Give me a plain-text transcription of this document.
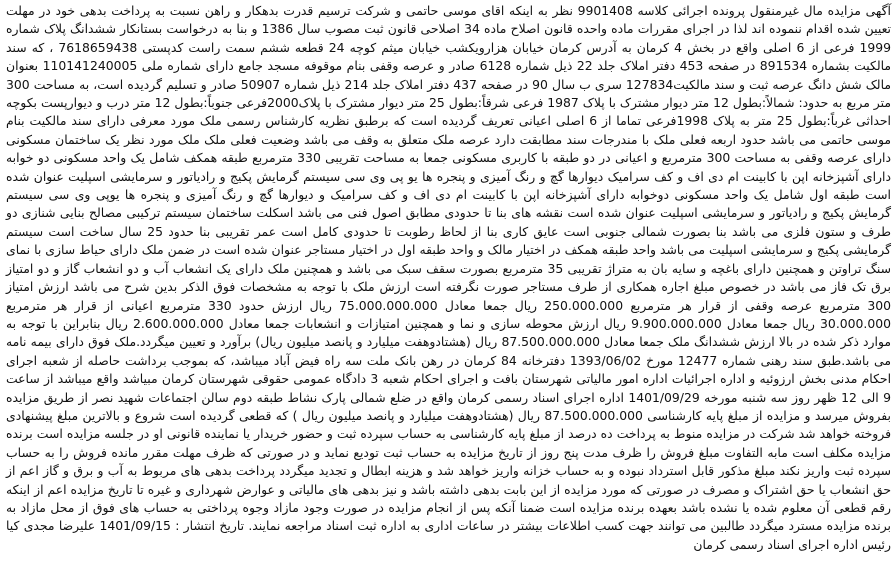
آگهی مزایده مال غیرمنقول پرونده اجرائی کلاسه 9901408 نظر به اینکه اقای موسی حاتمی و شرکت ترسیم قدرت بدهکار و راهن نسبت به پرداخت بدهی خود در مهلت تعیین شده اقدام ننموده اند لذا در اجرای مقررات ماده واحده قانون اصلاح ماده 34 اصلاحی قانون ثبت مصوب سال 1386 و بنا به درخواست بستانکار ششدانگ پلاک شماره 1999 فرعی از 6 اصلی واقع در بخش 4 کرمان به آدرس کرمان خیابان هزارویکشب خیابان میثم کوچه 24 قطعه ششم سمت راست کدپستی 7618659438 ، که سند مالکیت بشماره 891534 در صفحه 453 دفتر املاک جلد 22 ذیل شماره 6128 صادر و عرصه وقفی بنام موقوفه مسجد جامع دارای شماره ملی 110141240005 بعنوان مالک شش دانگ عرصه ثبت و سند مالکیت127834 سری ب سال 90 در صفحه 437 دفتر املاک جلد 214 ذیل شماره 50907 صادر و تسلیم گردیده است، به مساحت 300 متر مربع به حدود: شمالاً:بطول 12 متر دیوار مشترک با پلاک 1987 فرعی شرقاً:بطول 25 متر دیوار مشترک با پلاک2000فرعی جنوباً:بطول 12 متر درب و دیوارپست بکوچه احداثی غرباً:بطول 25 متر به پلاک 1998فرعی تماما از 6 اصلی اعیانی تعریف گردیده است که برطبق نظریه کارشناس رسمی ملک مورد معرفی دارای سند مالکیت بنام موسی حاتمی می باشد حدود اربعه فعلی ملک با مندرجات سند مطابقت دارد عرصه ملک متعلق به وقف می باشد وضعیت فعلی ملک ملک مورد نظر یک ساختمان مسکونی دارای عرصه وقفی به مساحت 300 مترمربع و اعیانی در دو طبقه با کاربری مسکونی جمعا به مساحت تقریبی 330 مترمربع طبقه همکف شامل یک واحد مسکونی دو خوابه دارای آشپزخانه اپن با کابینت ام دی اف و کف سرامیک دیوارها گچ و رنگ آمیزی و پنجره ها یو پی وی سی سیستم گرمایش پکیج و رادیاتور و سرمایشی اسپلیت عنوان شده است طبقه اول شامل یک واحد مسکونی دوخوابه دارای آشپزخانه اپن با کابینت ام دی اف و کف سرامیک و دیوارها گچ و رنگ آمیزی و پنجره ها یوپی وی سی سیستم گرمایش پکیج و رادیاتور و سرمایشی اسپلیت عنوان شده است نقشه های بنا تا حدودی مطابق اصول فنی می باشد اسکلت ساختمان سیستم ترکیبی مصالح بنایی شنازی دو طرف و ستون فلزی می باشد بنا بصورت شمالی جنوبی است عایق کاری بنا از لحاظ رطوبت تا حدودی کامل است عمر تقریبی بنا حدود 25 سال ساخت است سیستم گرمایشی پکیج و سرمایشی اسپلیت می باشد واحد طبقه همکف در اختیار مالک و واحد طبقه اول در اختیار مستاجر عنوان شده است در ضمن ملک دارای حیاط سازی با نمای سنگ تراوتن و همچنین دارای باغچه و سایه بان به متراژ تقریبی 35 مترمربع بصورت سقف سبک می باشد و همچنین ملک دارای یک انشعاب آب و دو انشعاب گاز و دو امتیاز برق تک فاز می باشد در خصوص مبلغ اجاره همکاری از طرف مستاجر صورت نگرفته است ارزش ملک با توجه به مشخصات فوق الذکر بدین شرح می باشد ارزش امتیاز 300 مترمربع عرصه وقفی از قرار هر مترمربع 250.000.000 ریال جمعا معادل 75.000.000.000 ریال ارزش حدود 330 مترمربع اعیانی از قرار هر مترمربع 30.000.000 ریال جمعا معادل 9.900.000.000 ریال ارزش محوطه سازی و نما و همچنین امتیازات و انشعابات جمعا معادل 2.600.000.000 ریال بنابراین با توجه به موارد ذکر شده در بالا ارزش ششدانگ ملک جمعا معادل 87.500.000.000 ریال (هشتادوهفت میلیارد و پانصد میلیون ریال) برآورد و تعیین میگردد.ملک فوق دارای بیمه نامه می باشد.طبق سند رهنی شماره 12477 مورخ 1393/06/02 دفترخانه 84 کرمان در رهن بانک ملت سه راه فیض آباد میباشد، که بموجب برداشت حاصله از شعبه اجرای احکام مدنی بخش ارزوئیه و اداره اجرائیات اداره امور مالیاتی شهرستان بافت و اجرای احکام شعبه 3 دادگاه عمومی حقوقی شهرستان کرمان مبیاشد واقع میباشد از ساعت 9 الی 12 ظهر روز سه شنبه مورخه 1401/09/29 اداره اجرای اسناد رسمی کرمان واقع در ضلع شمالی پارک نشاط طبقه دوم سالن اجتماعات شهید نصر از طریق مزایده بفروش میرسد و مزایده از مبلغ پایه کارشناسی 87.500.000.000 ریال (هشتادوهفت میلیارد و پانصد میلیون ریال ) که قطعی گردیده است شروع و بالاترین مبلغ پیشنهادی فروخته خواهد شد شرکت در مزایده منوط به پرداخت ده درصد از مبلغ پایه کارشناسی به حساب سپرده ثبت و حضور خریدار یا نماینده قانونی او در جلسه مزایده است برنده مزایده مکلف است مابه التفاوت مبلغ فروش را ظرف مدت پنج روز از تاریخ مزایده به حساب ثبت تودیع نماید و در صورتی که ظرف مهلت مقرر مانده فروش را به حساب سپرده ثبت واریز نکند مبلغ مذکور قابل استرداد نبوده و به حساب خزانه واریز خواهد شد و هزینه ابطال و تجدید میگردد پرداخت بدهی های مربوط به آب و برق و گاز اعم از حق انشعاب یا حق اشتراک و مصرف در صورتی که مورد مزایده از این بابت بدهی داشته باشد و نیز بدهی های مالیاتی و عوارض شهرداری و غیره تا تاریخ مزایده اعم از اینکه رقم قطعی آن معلوم شده یا نشده باشد بعهده برنده مزایده است ضمنا آنکه پس از انجام مزایده در صورت وجود مازاد وجوه پرداختی به حساب های فوق از محل مازاد به برنده مزایده مسترد میگردد طالبین می توانند جهت کسب اطلاعات بیشتر در ساعات اداری به اداره ثبت اسناد مراجعه نمایند. تاریخ انتشار : 1401/09/15 علیرضا مجدی کیا رئیس اداره اجرای اسناد رسمی کرمان
